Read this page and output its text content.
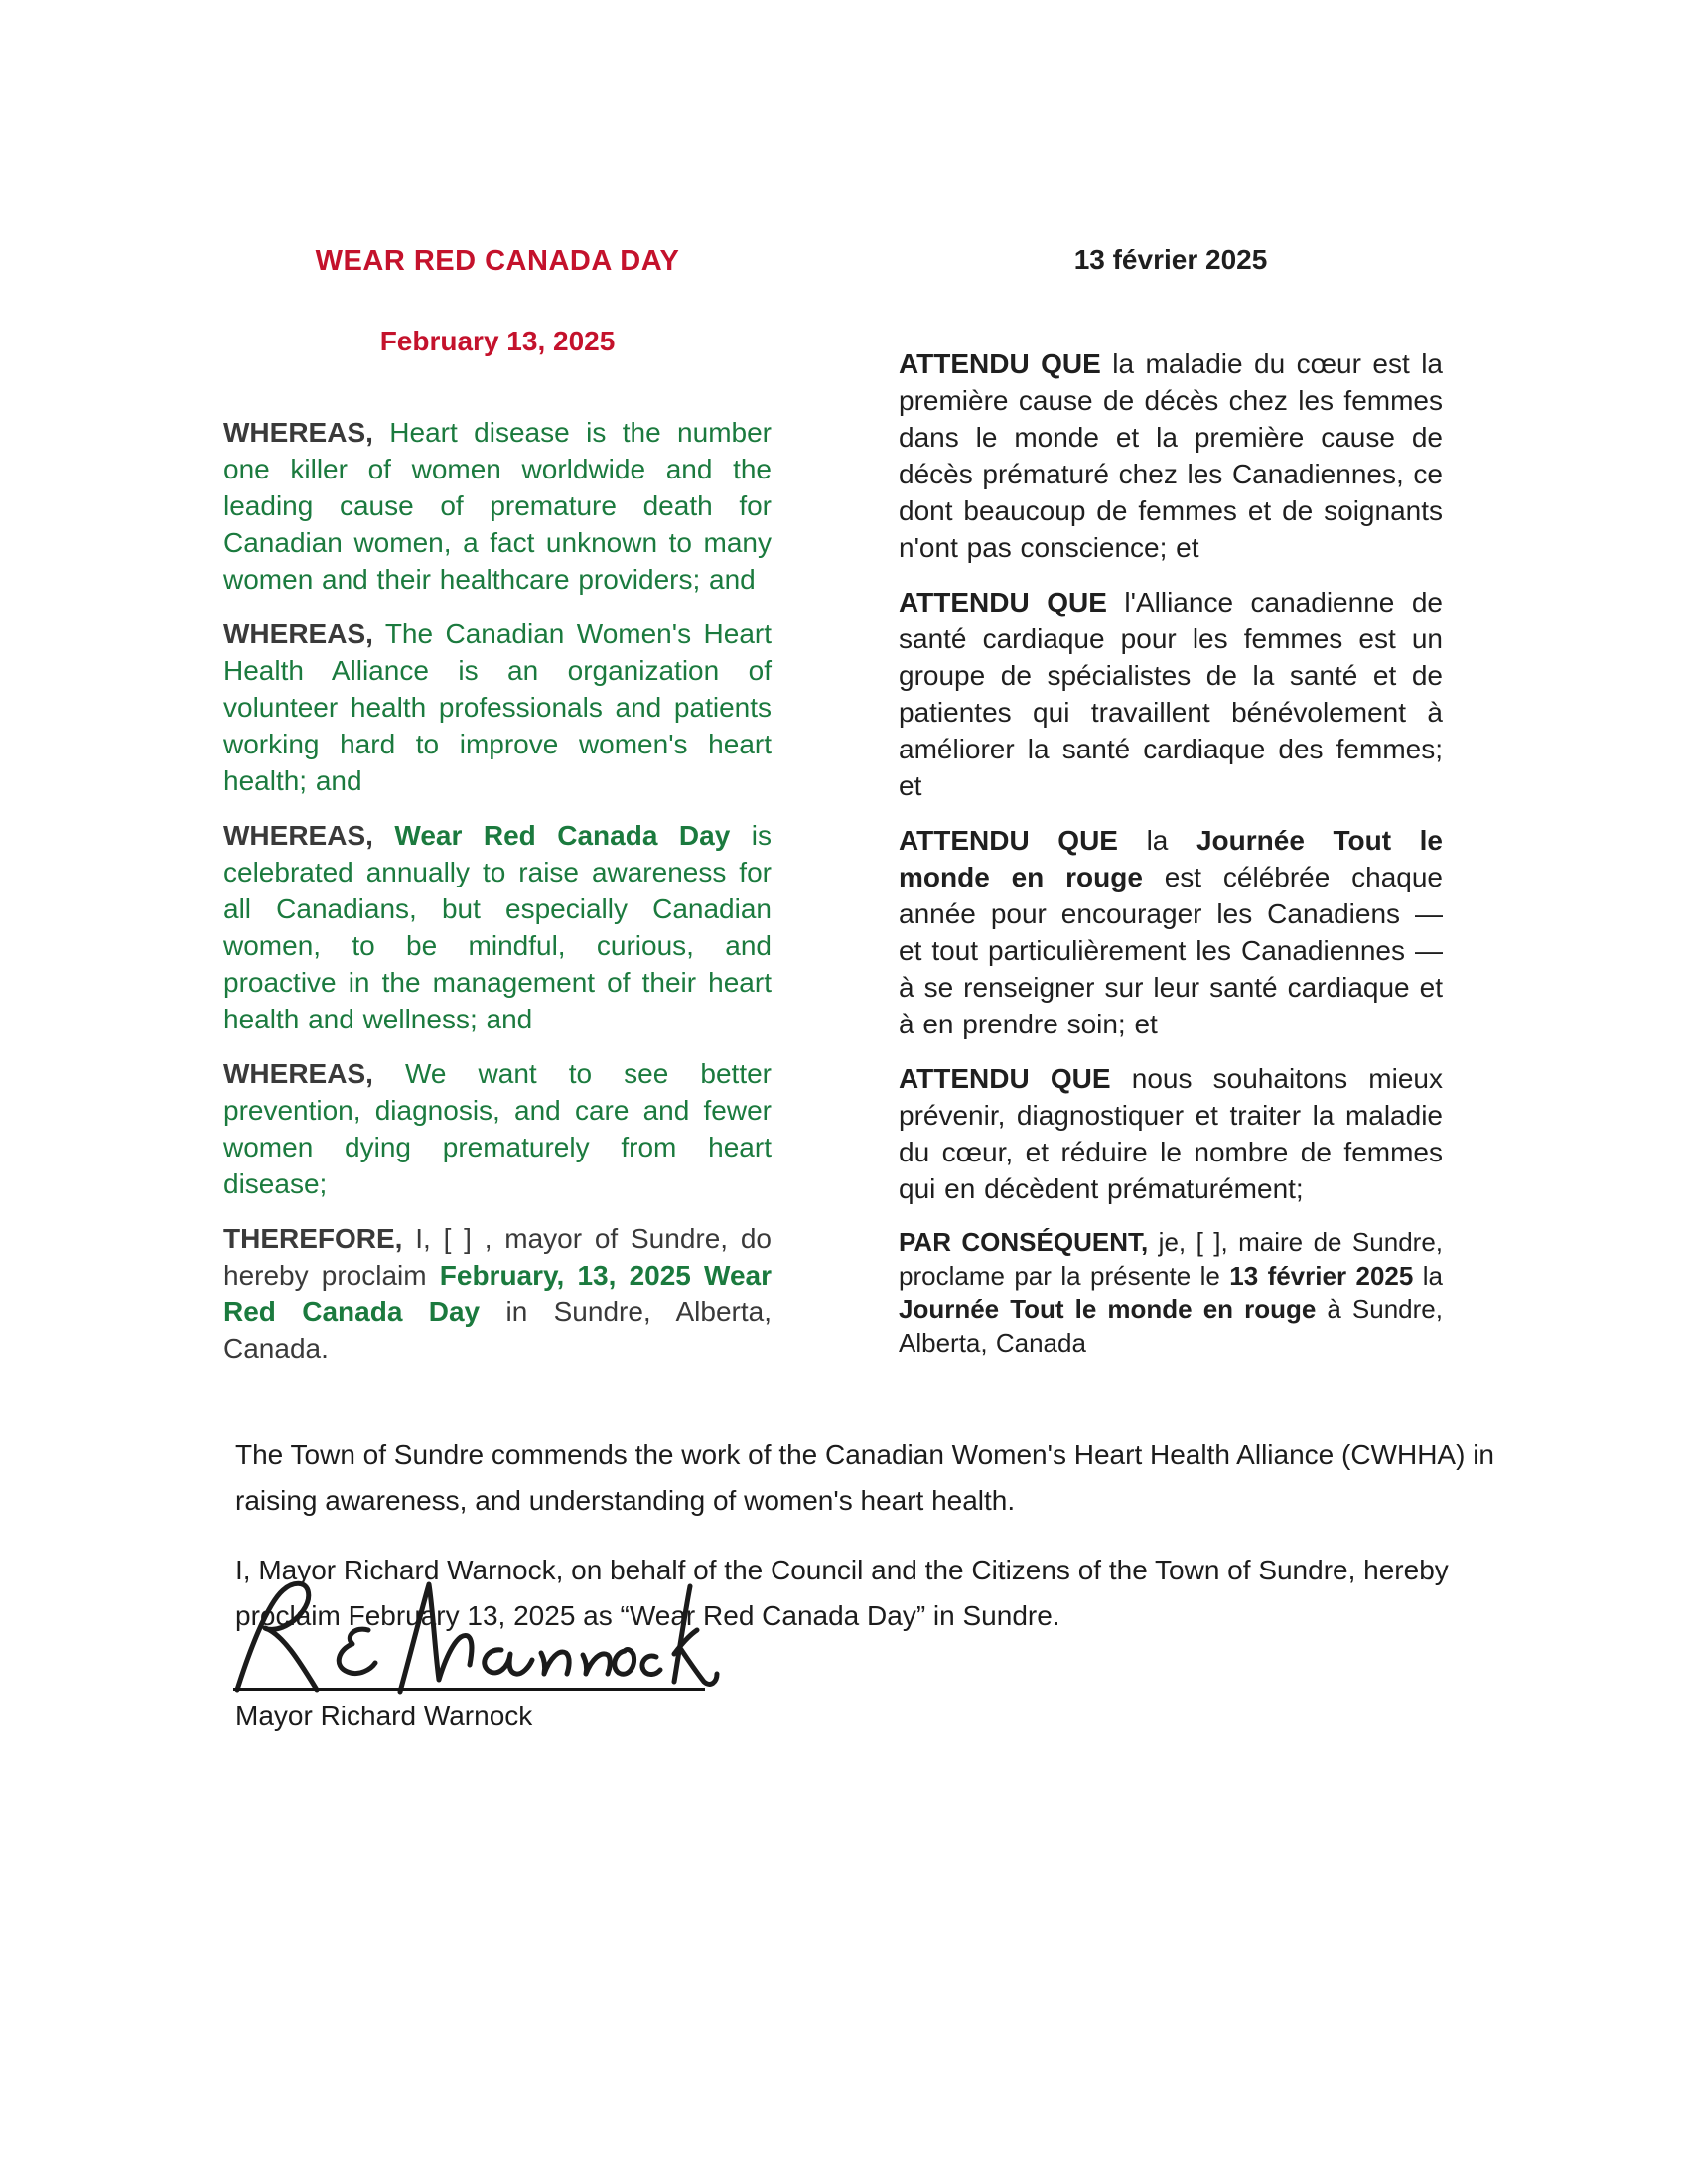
WEAR RED CANADA DAY
February 13, 2025

WHEREAS, Heart disease is the number one killer of women worldwide and the leading cause of premature death for Canadian women, a fact unknown to many women and their healthcare providers; and

WHEREAS, The Canadian Women's Heart Health Alliance is an organization of volunteer health professionals and patients working hard to improve women's heart health; and

WHEREAS, Wear Red Canada Day is celebrated annually to raise awareness for all Canadians, but especially Canadian women, to be mindful, curious, and proactive in the management of their heart health and wellness; and

WHEREAS, We want to see better prevention, diagnosis, and care and fewer women dying prematurely from heart disease;

THEREFORE, I, [ ] , mayor of Sundre, do hereby proclaim February, 13, 2025 Wear Red Canada Day in Sundre, Alberta, Canada.

13 février 2025

ATTENDU QUE la maladie du cœur est la première cause de décès chez les femmes dans le monde et la première cause de décès prématuré chez les Canadiennes, ce dont beaucoup de femmes et de soignants n'ont pas conscience; et

ATTENDU QUE l'Alliance canadienne de santé cardiaque pour les femmes est un groupe de spécialistes de la santé et de patientes qui travaillent bénévolement à améliorer la santé cardiaque des femmes; et

ATTENDU QUE la Journée Tout le monde en rouge est célébrée chaque année pour encourager les Canadiens — et tout particulièrement les Canadiennes — à se renseigner sur leur santé cardiaque et à en prendre soin; et

ATTENDU QUE nous souhaitons mieux prévenir, diagnostiquer et traiter la maladie du cœur, et réduire le nombre de femmes qui en décèdent prématurément;

PAR CONSÉQUENT, je, [ ], maire de Sundre, proclame par la présente le 13 février 2025 la Journée Tout le monde en rouge à Sundre, Alberta, Canada

The Town of Sundre commends the work of the Canadian Women's Heart Health Alliance (CWHHA) in raising awareness, and understanding of women's heart health.

I, Mayor Richard Warnock, on behalf of the Council and the Citizens of the Town of Sundre, hereby proclaim February 13, 2025 as “Wear Red Canada Day” in Sundre.

Mayor Richard Warnock
